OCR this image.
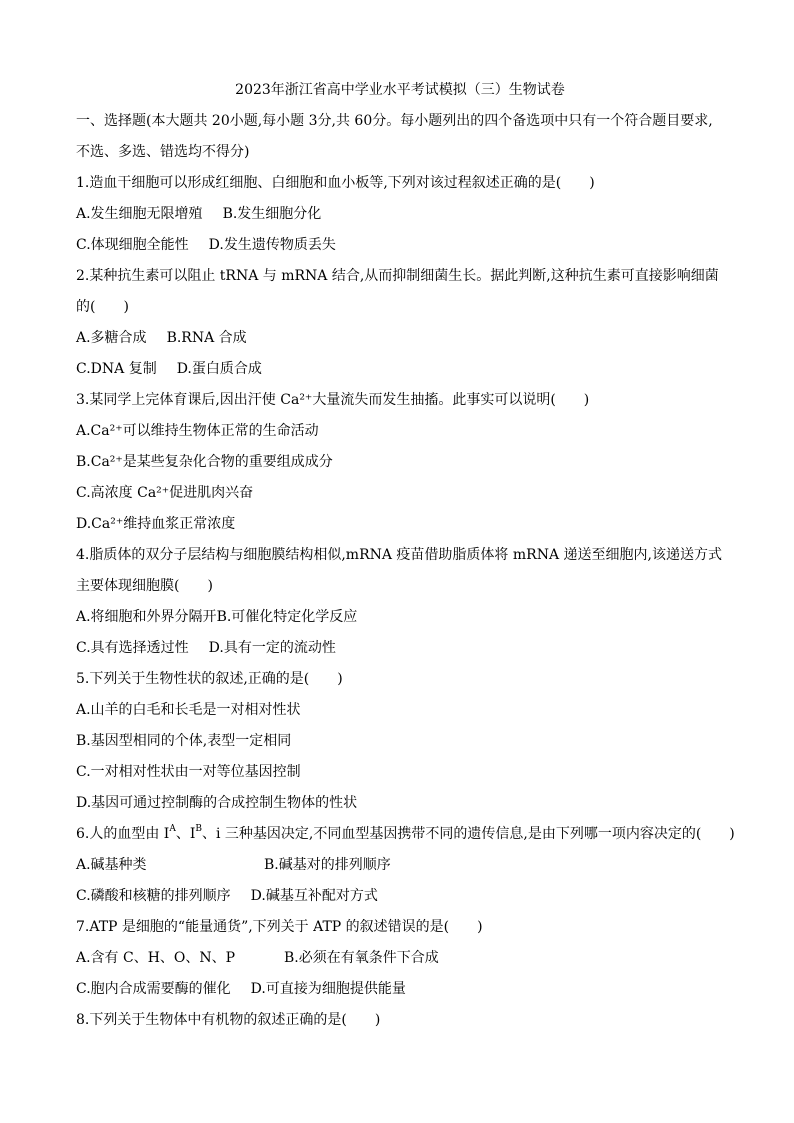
2023年浙江省高中学业水平考试模拟（三）生物试卷
一、选择题(本大题共 20小题,每小题 3分,共 60分。每小题列出的四个备选项中只有一个符合题目要求,不选、多选、错选均不得分)
1.造血干细胞可以形成红细胞、白细胞和血小板等,下列对该过程叙述正确的是(　　)
A.发生细胞无限增殖 B.发生细胞分化
C.体现细胞全能性 D.发生遗传物质丢失
2.某种抗生素可以阻止 tRNA 与 mRNA 结合,从而抑制细菌生长。据此判断,这种抗生素可直接影响细菌的(　　)
A.多糖合成 B.RNA 合成
C.DNA 复制 D.蛋白质合成
3.某同学上完体育课后,因出汗使 Ca²⁺大量流失而发生抽搐。此事实可以说明(　　)
A.Ca²⁺可以维持生物体正常的生命活动
B.Ca²⁺是某些复杂化合物的重要组成成分
C.高浓度 Ca²⁺促进肌肉兴奋
D.Ca²⁺维持血浆正常浓度
4.脂质体的双分子层结构与细胞膜结构相似,mRNA 疫苗借助脂质体将 mRNA 递送至细胞内,该递送方式主要体现细胞膜(　　)
A.将细胞和外界分隔开 B.可催化特定化学反应
C.具有选择透过性 D.具有一定的流动性
5.下列关于生物性状的叙述,正确的是(　　)
A.山羊的白毛和长毛是一对相对性状
B.基因型相同的个体,表型一定相同
C.一对相对性状由一对等位基因控制
D.基因可通过控制酶的合成控制生物体的性状
6.人的血型由 $I^A$、$I^B$、i 三种基因决定,不同血型基因携带不同的遗传信息,是由下列哪一项内容决定的(　　)
A.碱基种类	B.碱基对的排列顺序
C.磷酸和核糖的排列顺序 D.碱基互补配对方式
7.ATP 是细胞的“能量通货”,下列关于 ATP 的叙述错误的是(　　)
A.含有 C、H、O、N、P	B.必须在有氧条件下合成
C.胞内合成需要酶的催化 D.可直接为细胞提供能量
8.下列关于生物体中有机物的叙述正确的是(　　)
